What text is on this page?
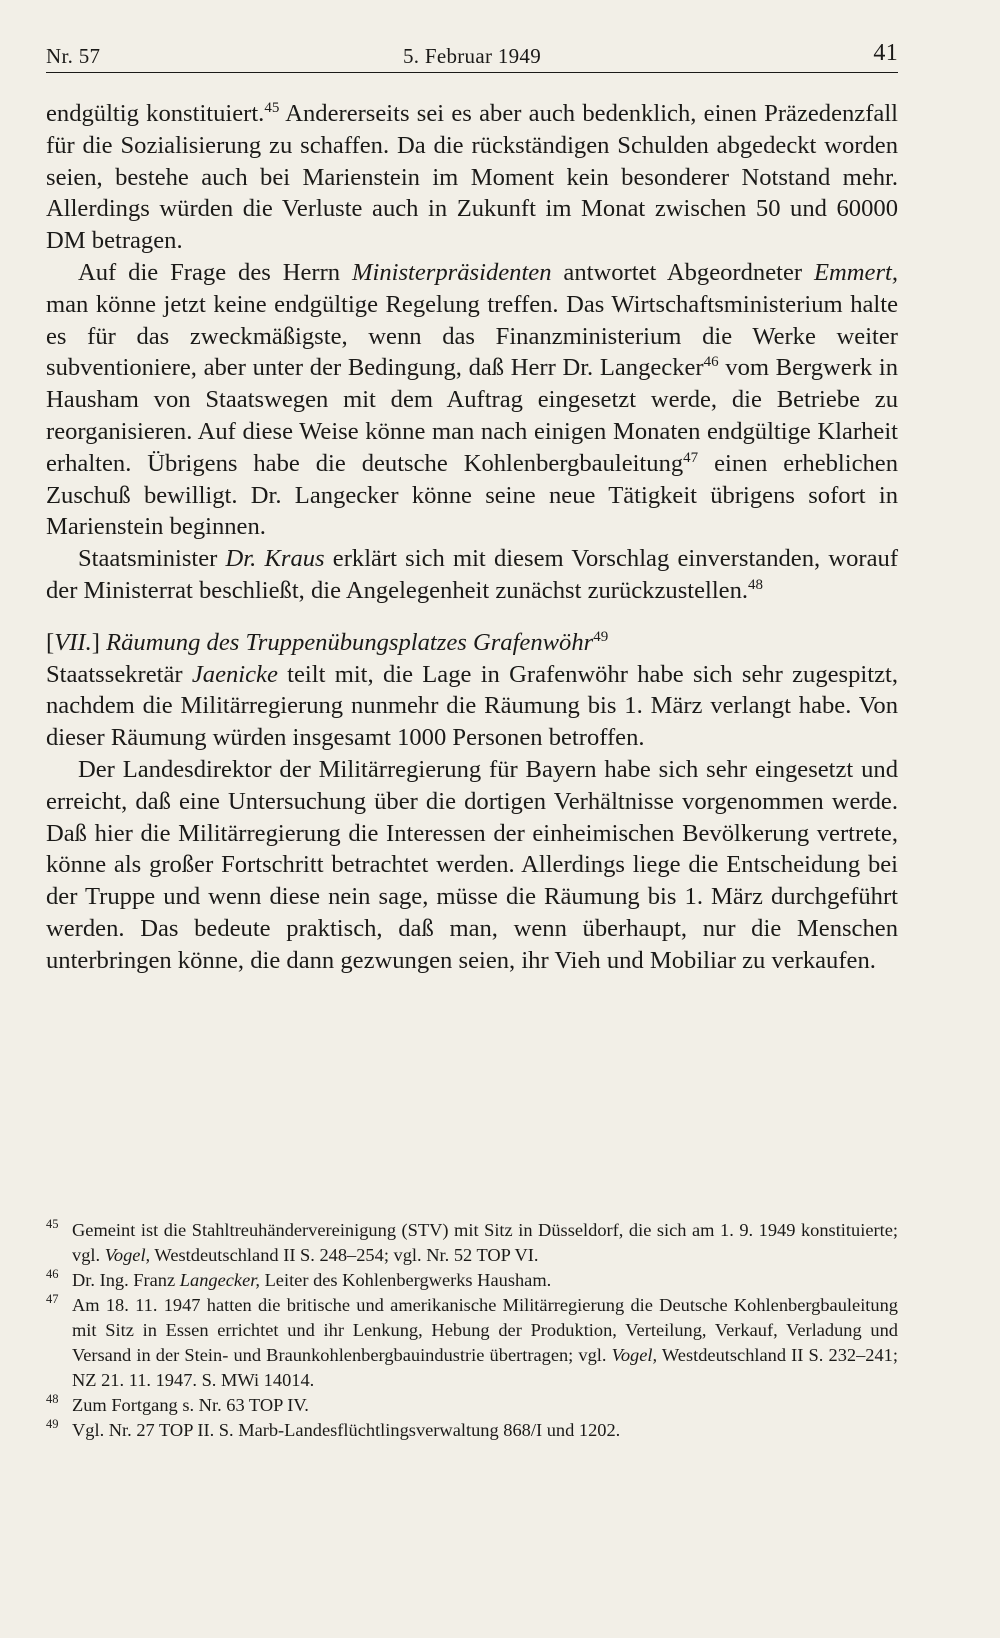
Nr. 57	5. Februar 1949	41

endgültig konstituiert.$^{45}$ Andererseits sei es aber auch bedenklich, einen Präzedenzfall für die Sozialisierung zu schaffen. Da die rückständigen Schulden abgedeckt worden seien, bestehe auch bei Marienstein im Moment kein besonderer Notstand mehr. Allerdings würden die Verluste auch in Zukunft im Monat zwischen 50 und 60000 DM betragen.

Auf die Frage des Herrn Ministerpräsidenten antwortet Abgeordneter Emmert, man könne jetzt keine endgültige Regelung treffen. Das Wirtschaftsministerium halte es für das zweckmäßigste, wenn das Finanzministerium die Werke weiter subventioniere, aber unter der Bedingung, daß Herr Dr. Langecker$^{46}$ vom Bergwerk in Hausham von Staatswegen mit dem Auftrag eingesetzt werde, die Betriebe zu reorganisieren. Auf diese Weise könne man nach einigen Monaten endgültige Klarheit erhalten. Übrigens habe die deutsche Kohlenbergbauleitung$^{47}$ einen erheblichen Zuschuß bewilligt. Dr. Langecker könne seine neue Tätigkeit übrigens sofort in Marienstein beginnen.

Staatsminister Dr. Kraus erklärt sich mit diesem Vorschlag einverstanden, worauf der Ministerrat beschließt, die Angelegenheit zunächst zurückzustellen.$^{48}$

[VII.] Räumung des Truppenübungsplatzes Grafenwöhr$^{49}$

Staatssekretär Jaenicke teilt mit, die Lage in Grafenwöhr habe sich sehr zugespitzt, nachdem die Militärregierung nunmehr die Räumung bis 1. März verlangt habe. Von dieser Räumung würden insgesamt 1000 Personen betroffen.

Der Landesdirektor der Militärregierung für Bayern habe sich sehr eingesetzt und erreicht, daß eine Untersuchung über die dortigen Verhältnisse vorgenommen werde. Daß hier die Militärregierung die Interessen der einheimischen Bevölkerung vertrete, könne als großer Fortschritt betrachtet werden. Allerdings liege die Entscheidung bei der Truppe und wenn diese nein sage, müsse die Räumung bis 1. März durchgeführt werden. Das bedeute praktisch, daß man, wenn überhaupt, nur die Menschen unterbringen könne, die dann gezwungen seien, ihr Vieh und Mobiliar zu verkaufen.

45 Gemeint ist die Stahltreuhändervereinigung (STV) mit Sitz in Düsseldorf, die sich am 1. 9. 1949 konstituierte; vgl. Vogel, Westdeutschland II S. 248–254; vgl. Nr. 52 TOP VI.

46 Dr. Ing. Franz Langecker, Leiter des Kohlenbergwerks Hausham.

47 Am 18. 11. 1947 hatten die britische und amerikanische Militärregierung die Deutsche Kohlenbergbauleitung mit Sitz in Essen errichtet und ihr Lenkung, Hebung der Produktion, Verteilung, Verkauf, Verladung und Versand in der Stein- und Braunkohlenbergbauindustrie übertragen; vgl. Vogel, Westdeutschland II S. 232–241; NZ 21. 11. 1947. S. MWi 14014.

48 Zum Fortgang s. Nr. 63 TOP IV.

49 Vgl. Nr. 27 TOP II. S. Marb-Landesflüchtlingsverwaltung 868/I und 1202.
